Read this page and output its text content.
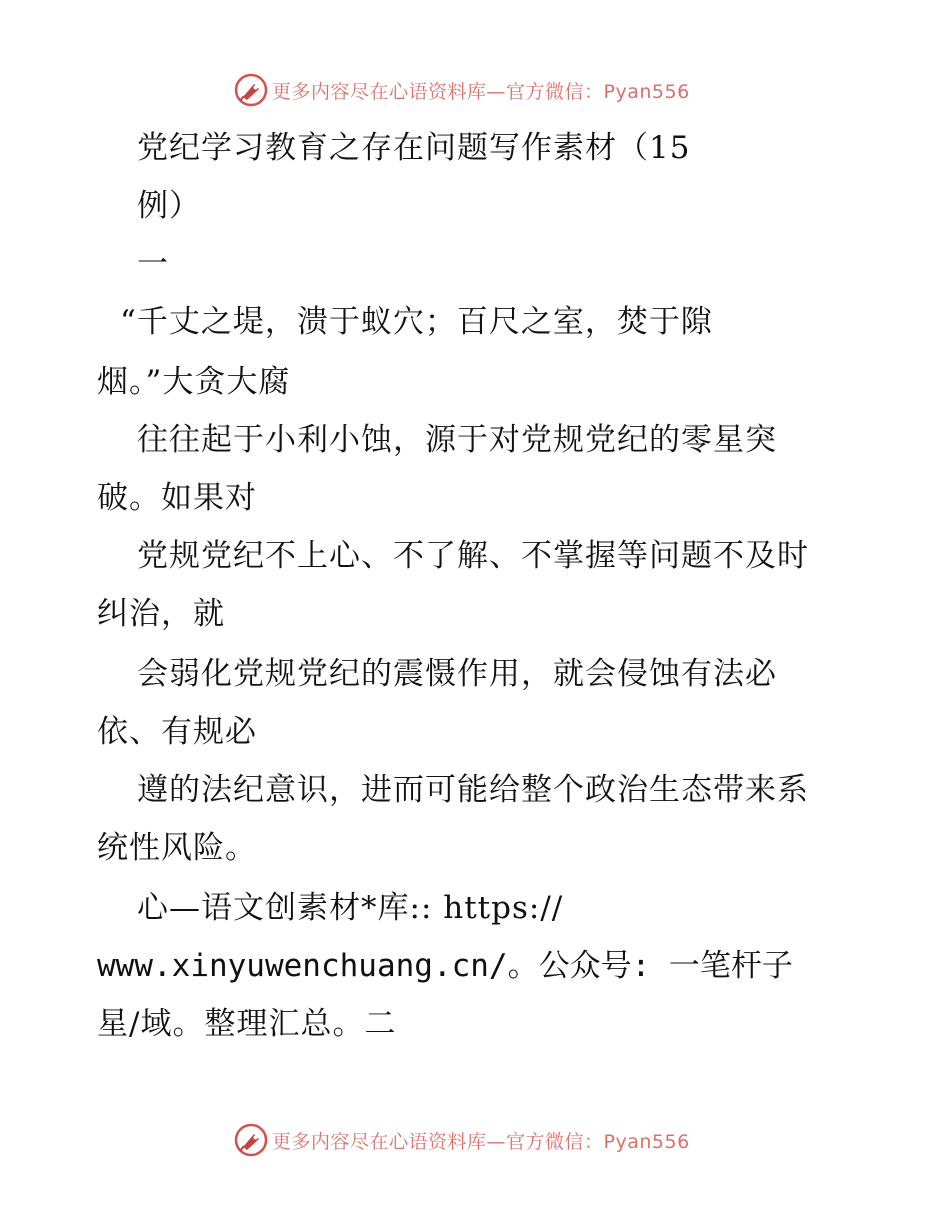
更多内容尽在心语资料库—官方微信：Pyan556
党纪学习教育之存在问题写作素材（15
例）
一
“千丈之堤，溃于蚁穴；百尺之室，焚于隙
烟。”大贪大腐
往往起于小利小蚀，源于对党规党纪的零星突
破。如果对
党规党纪不上心、不了解、不掌握等问题不及时
纠治，就
会弱化党规党纪的震慑作用，就会侵蚀有法必
依、有规必
遵的法纪意识，进而可能给整个政治生态带来系
统性风险。
心—语文创素材*库:: https://
www.xinyuwenchuang.cn/。公众号: 一笔杆子
星/域。整理汇总。二
更多内容尽在心语资料库—官方微信：Pyan556
